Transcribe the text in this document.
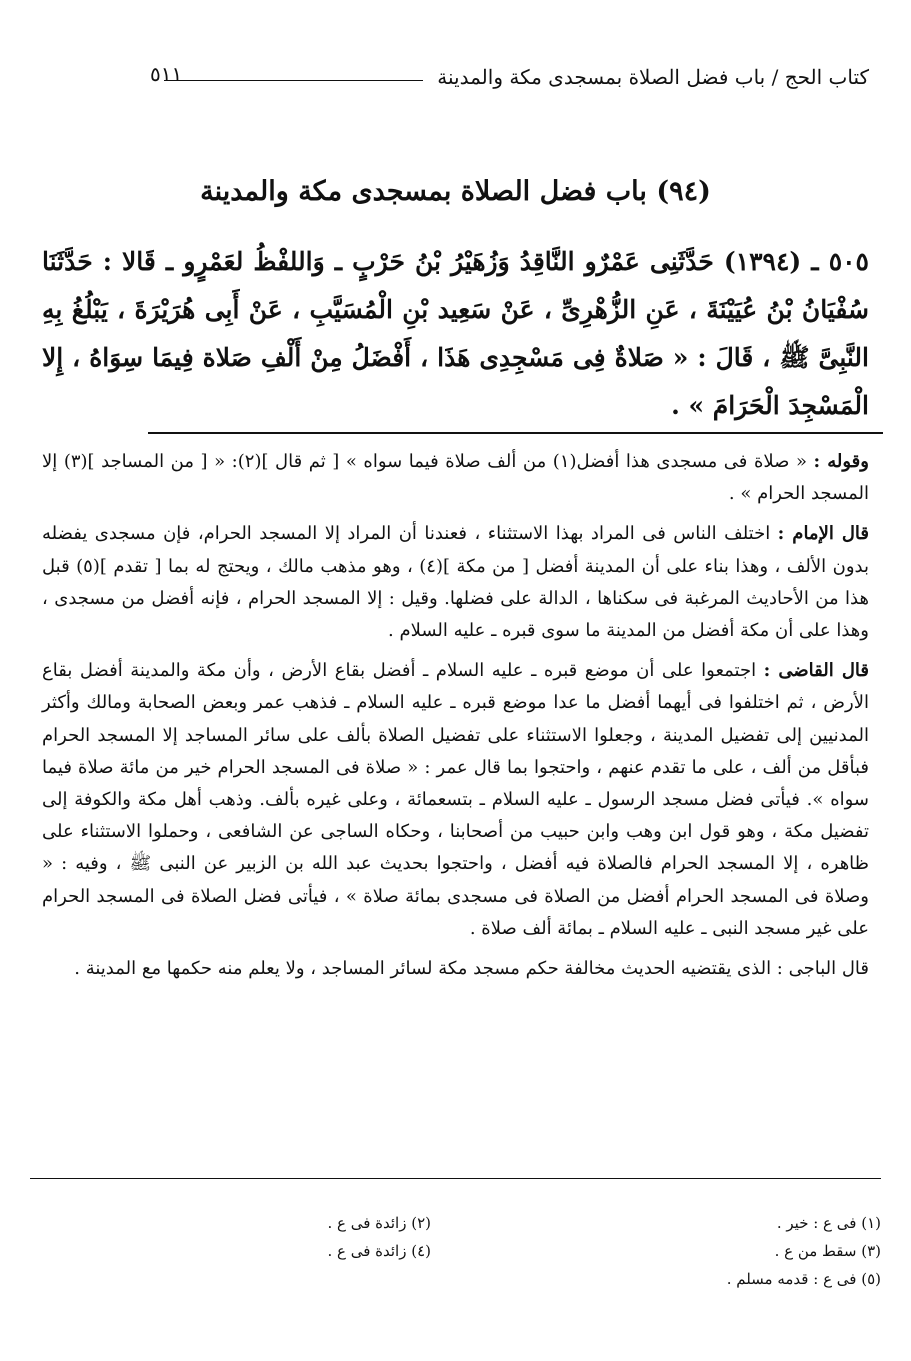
كتاب الحج / باب فضل الصلاة بمسجدى مكة والمدينة
٥١١
(٩٤) باب فضل الصلاة بمسجدى مكة والمدينة

٥٠٥ ـ (١٣٩٤) حَدَّثَنِى عَمْرٌو النَّاقِدُ وَزُهَيْرُ بْنُ حَرْبٍ ـ وَاللفْظُ لعَمْرٍو ـ قَالا : حَدَّثَنَا سُفْيَانُ بْنُ عُيَيْنَةَ ، عَنِ الزُّهْرِىِّ ، عَنْ سَعِيد بْنِ الْمُسَيَّبِ ، عَنْ أَبِى هُرَيْرَةَ ، يَبْلُغُ بِهِ النَّبِىَّ ﷺ ، قَالَ : « صَلاةٌ فِى مَسْجِدِى هَذَا ، أَفْضَلُ مِنْ أَلْفِ صَلاة فِيمَا سِوَاهُ ، إِلا الْمَسْجِدَ الْحَرَامَ » .

وقوله : « صلاة فى مسجدى هذا أفضل(١) من ألف صلاة فيما سواه » [ ثم قال ](٢): « [ من المساجد ](٣) إلا المسجد الحرام » .

قال الإمام : اختلف الناس فى المراد بهذا الاستثناء ، فعندنا أن المراد إلا المسجد الحرام، فإن مسجدى يفضله بدون الألف ، وهذا بناء على أن المدينة أفضل [ من مكة ](٤) ، وهو مذهب مالك ، ويحتج له بما [ تقدم ](٥) قبل هذا من الأحاديث المرغبة فى سكناها ، الدالة على فضلها. وقيل : إلا المسجد الحرام ، فإنه أفضل من مسجدى ، وهذا على أن مكة أفضل من المدينة ما سوى قبره ـ عليه السلام .

قال القاضى : اجتمعوا على أن موضع قبره ـ عليه السلام ـ أفضل بقاع الأرض ، وأن مكة والمدينة أفضل بقاع الأرض ، ثم اختلفوا فى أيهما أفضل ما عدا موضع قبره ـ عليه السلام ـ فذهب عمر وبعض الصحابة ومالك وأكثر المدنيين إلى تفضيل المدينة ، وجعلوا الاستثناء على تفضيل الصلاة بألف على سائر المساجد إلا المسجد الحرام فبأقل من ألف ، على ما تقدم عنهم ، واحتجوا بما قال عمر : « صلاة فى المسجد الحرام خير من مائة صلاة فيما سواه ». فيأتى فضل مسجد الرسول ـ عليه السلام ـ بتسعمائة ، وعلى غيره بألف. وذهب أهل مكة والكوفة إلى تفضيل مكة ، وهو قول ابن وهب وابن حبيب من أصحابنا ، وحكاه الساجى عن الشافعى ، وحملوا الاستثناء على ظاهره ، إلا المسجد الحرام فالصلاة فيه أفضل ، واحتجوا بحديث عبد الله بن الزبير عن النبى ﷺ ، وفيه : « وصلاة فى المسجد الحرام أفضل من الصلاة فى مسجدى بمائة صلاة » ، فيأتى فضل الصلاة فى المسجد الحرام على غير مسجد النبى ـ عليه السلام ـ بمائة ألف صلاة .

قال الباجى : الذى يقتضيه الحديث مخالفة حكم مسجد مكة لسائر المساجد ، ولا يعلم منه حكمها مع المدينة .

(١) فى ع : خير .
(٢) زائدة فى ع .
(٣) سقط من ع .
(٤) زائدة فى ع .
(٥) فى ع : قدمه مسلم .
